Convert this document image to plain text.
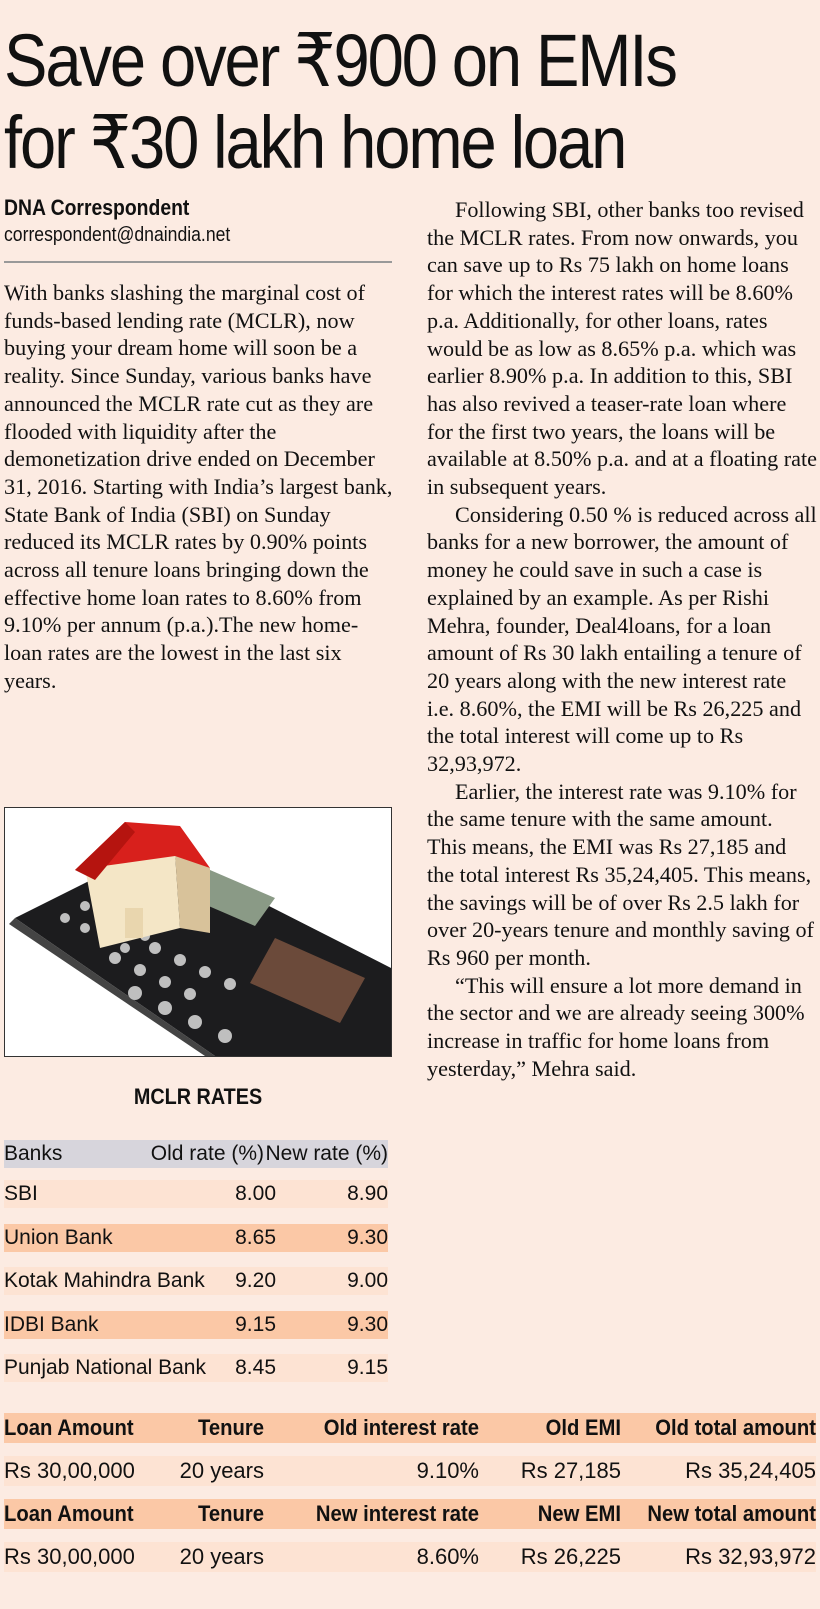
Save over ₹900 on EMIs
for ₹30 lakh home loan
DNA Correspondent
correspondent@dnaindia.net

With banks slashing the marginal cost of funds-based lending rate (MCLR), now buying your dream home will soon be a reality. Since Sunday, various banks have announced the MCLR rate cut as they are flooded with liquidity after the demonetization drive ended on December 31, 2016. Starting with India’s largest bank, State Bank of India (SBI) on Sunday reduced its MCLR rates by 0.90% points across all tenure loans bringing down the effective home loan rates to 8.60% from 9.10% per annum (p.a.).The new home-loan rates are the lowest in the last six years.

MCLR RATES
Banks	Old rate (%) New rate (%)
SBI	8.00	8.90
Union Bank	8.65	9.30
Kotak Mahindra Bank	9.20	9.00
IDBI Bank	9.15	9.30
Punjab National Bank	8.45	9.15

Following SBI, other banks too revised the MCLR rates. From now onwards, you can save up to Rs 75 lakh on home loans for which the interest rates will be 8.60% p.a. Additionally, for other loans, rates would be as low as 8.65% p.a. which was earlier 8.90% p.a. In addition to this, SBI has also revived a teaser-rate loan where for the first two years, the loans will be available at 8.50% p.a. and at a floating rate in subsequent years.

Considering 0.50 % is reduced across all banks for a new borrower, the amount of money he could save in such a case is explained by an example. As per Rishi Mehra, founder, Deal4loans, for a loan amount of Rs 30 lakh entailing a tenure of 20 years along with the new interest rate i.e. 8.60%, the EMI will be Rs 26,225 and the total interest will come up to Rs 32,93,972.

Earlier, the interest rate was 9.10% for the same tenure with the same amount. This means, the EMI was Rs 27,185 and the total interest Rs 35,24,405. This means, the savings will be of over Rs 2.5 lakh for over 20-years tenure and monthly saving of Rs 960 per month.

“This will ensure a lot more demand in the sector and we are already seeing 300% increase in traffic for home loans from yesterday,” Mehra said.

Loan Amount	Tenure	Old interest rate	Old EMI	Old total amount
Rs 30,00,000	20 years	9.10%	Rs 27,185	Rs 35,24,405
Loan Amount	Tenure	New interest rate	New EMI	New total amount
Rs 30,00,000	20 years	8.60%	Rs 26,225	Rs 32,93,972
